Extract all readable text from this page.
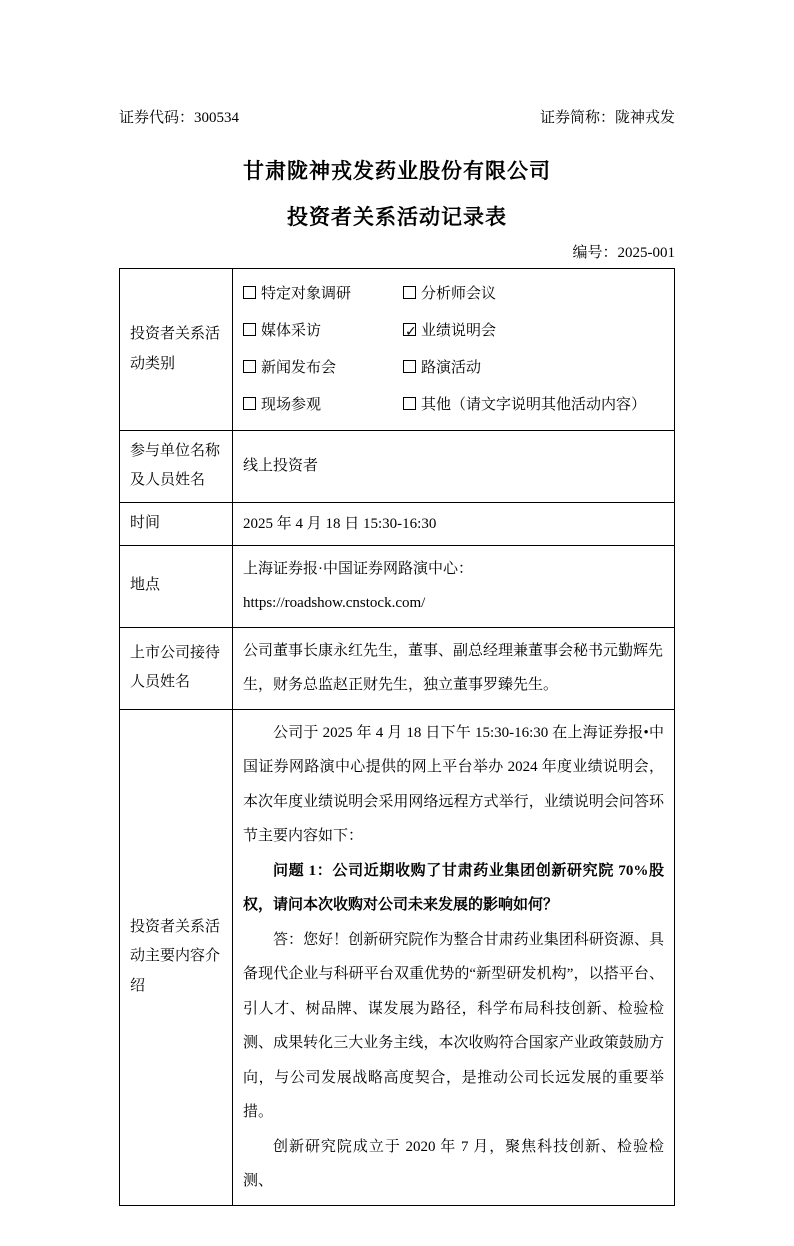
证券代码：300534	证券简称：陇神戎发
甘肃陇神戎发药业股份有限公司
投资者关系活动记录表
编号：2025-001
投资者关系活动类别	
特定对象调研	分析师会议
媒体采访	✓ 业绩说明会
新闻发布会	路演活动
现场参观	其他（请文字说明其他活动内容）

参与单位名称及人员姓名	线上投资者
时间	2025 年 4 月 18 日 15:30-16:30
地点	上海证券报·中国证券网路演中心：
https://roadshow.cnstock.com/

上市公司接待人员姓名	公司董事长康永红先生，董事、副总经理兼董事会秘书元勤辉先生，财务总监赵正财先生，独立董事罗臻先生。
投资者关系活动主要内容介绍	公司于 2025 年 4 月 18 日下午 15:30-16:30 在上海证券报•中国证券网路演中心提供的网上平台举办 2024 年度业绩说明会，本次年度业绩说明会采用网络远程方式举行，业绩说明会问答环节主要内容如下：

问题 1：公司近期收购了甘肃药业集团创新研究院 70%股权，请问本次收购对公司未来发展的影响如何？

答：您好！创新研究院作为整合甘肃药业集团科研资源、具备现代企业与科研平台双重优势的“新型研发机构”，以搭平台、引人才、树品牌、谋发展为路径，科学布局科技创新、检验检测、成果转化三大业务主线，本次收购符合国家产业政策鼓励方向，与公司发展战略高度契合，是推动公司长远发展的重要举措。

创新研究院成立于 2020 年 7 月，聚焦科技创新、检验检测、
